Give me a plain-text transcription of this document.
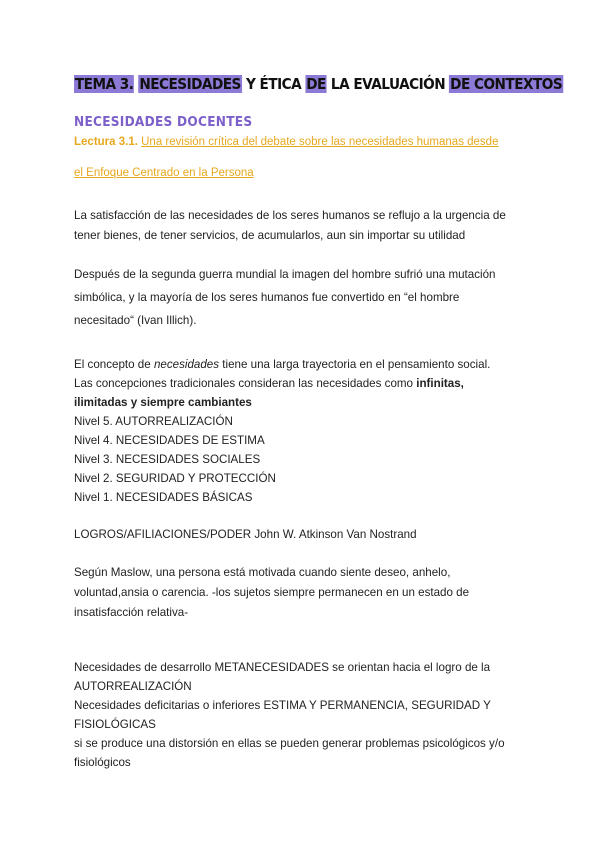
TEMA 3. NECESIDADES Y ÉTICA DE LA EVALUACIÓN DE CONTEXTOS
NECESIDADES DOCENTES
Lectura 3.1. Una revisión crítica del debate sobre las necesidades humanas desde
el Enfoque Centrado en la Persona
La satisfacción de las necesidades de los seres humanos se reflujo a la urgencia de
tener bienes, de tener servicios, de acumularlos, aun sin importar su utilidad
Después de la segunda guerra mundial la imagen del hombre sufrió una mutación
simbólica, y la mayoría de los seres humanos fue convertido en “el hombre
necesitado“ (Ivan Illich).
El concepto de necesidades tiene una larga trayectoria en el pensamiento social.
Las concepciones tradicionales consideran las necesidades como infinitas,
ilimitadas y siempre cambiantes
Nivel 5. AUTORREALIZACIÓN
Nivel 4. NECESIDADES DE ESTIMA
Nivel 3. NECESIDADES SOCIALES
Nivel 2. SEGURIDAD Y PROTECCIÓN
Nivel 1. NECESIDADES BÁSICAS
LOGROS/AFILIACIONES/PODER John W. Atkinson Van Nostrand
Según Maslow, una persona está motivada cuando siente deseo, anhelo,
voluntad,ansia o carencia. -los sujetos siempre permanecen en un estado de
insatisfacción relativa-
Necesidades de desarrollo METANECESIDADES se orientan hacia el logro de la
AUTORREALIZACIÓN
Necesidades deficitarias o inferiores ESTIMA Y PERMANENCIA, SEGURIDAD Y
FISIOLÓGICAS
si se produce una distorsión en ellas se pueden generar problemas psicológicos y/o
fisiológicos
